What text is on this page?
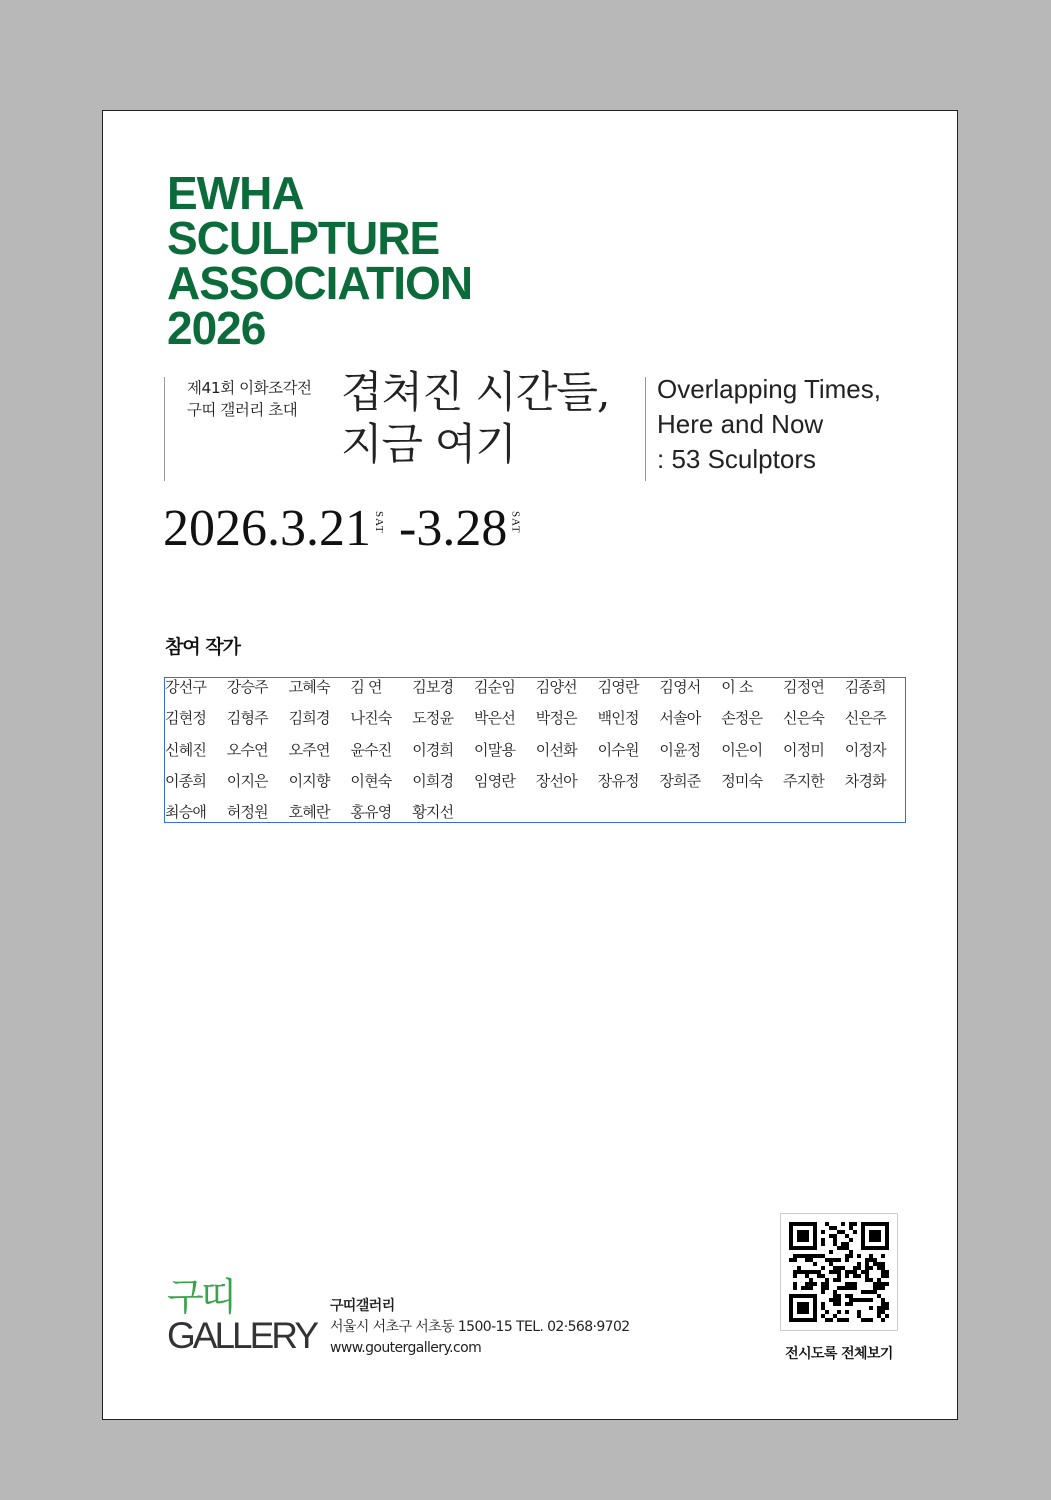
EWHA
SCULPTURE
ASSOCIATION
2026
제41회 이화조각전
구띠 갤러리 초대	겹쳐진 시간들,
지금 여기
Overlapping Times,
Here and Now
: 53 Sculptors
2026.3.21 SAT -3.28 SAT
참여 작가
강선구 강승주 고혜숙 김 연 김보경 김순임 김양선 김영란 김영서 이 소 김정연 김종희
김현정 김형주 김희경 나진숙 도정윤 박은선 박정은 백인정 서솔아 손정은 신은숙 신은주
신혜진 오수연 오주연 윤수진 이경희 이말용 이선화 이수원 이윤정 이은이 이정미 이정자
이종희 이지은 이지향 이현숙 이희경 임영란 장선아 장유정 장희준 정미숙 주지한 차경화
최승애 허정원 호혜란 홍유영 황지선
구띠
GALLERY
구띠갤러리
서울시 서초구 서초동 1500-15 TEL. 02·568·9702
www.goutergallery.com	전시도록 전체보기
